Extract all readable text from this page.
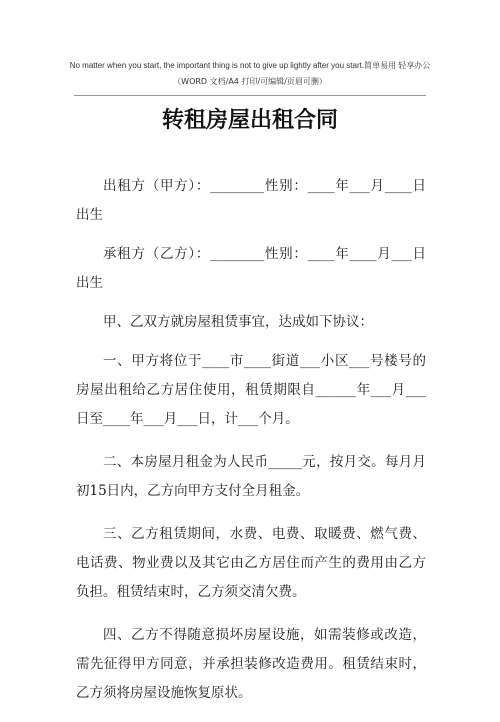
No matter when you start, the important thing is not to give up lightly after you start.简单易用 轻享办公
（WORD 文档/A4 打印/可编辑/页眉可删）
转租房屋出租合同

出租方（甲方）：________性别：____年___月____日出生

承租方（乙方）：________性别：____年____月___日出生

甲、乙双方就房屋租赁事宜，达成如下协议：

一、甲方将位于____市____街道___小区___号楼号的房屋出租给乙方居住使用，租赁期限自______年___月___日至____年___月___日，计___个月。

二、本房屋月租金为人民币_____元，按月交。每月月初15日内，乙方向甲方支付全月租金。

三、乙方租赁期间，水费、电费、取暖费、燃气费、电话费、物业费以及其它由乙方居住而产生的费用由乙方负担。租赁结束时，乙方须交清欠费。

四、乙方不得随意损坏房屋设施，如需装修或改造，需先征得甲方同意，并承担装修改造费用。租赁结束时，乙方须将房屋设施恢复原状。
